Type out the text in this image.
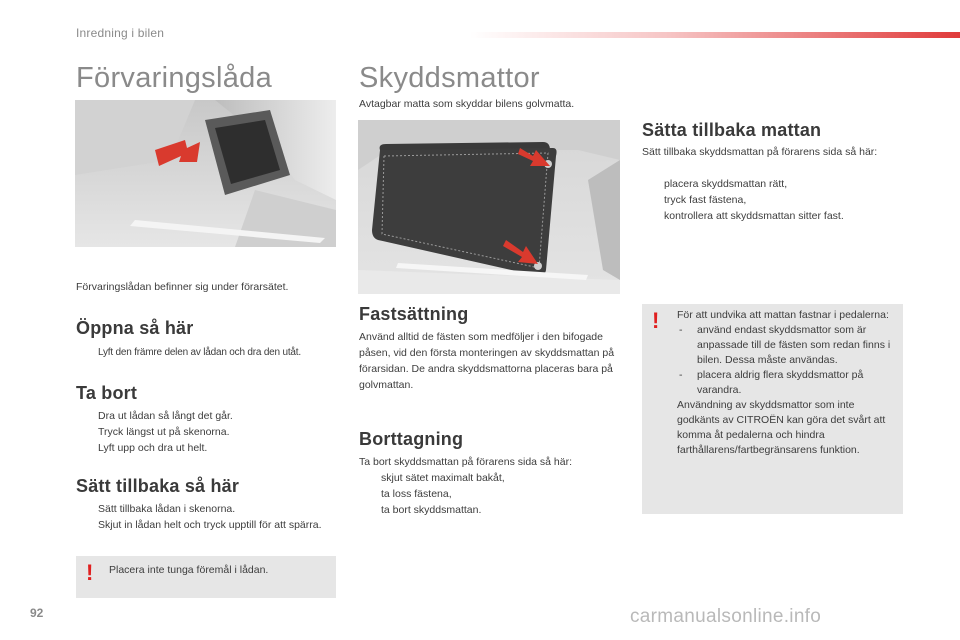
Inredning i bilen
Förvaringslåda
Förvaringslådan befinner sig under förarsätet.
Öppna så här
Lyft den främre delen av lådan och dra den utåt.
Ta bort
Dra ut lådan så långt det går.
Tryck längst ut på skenorna.
Lyft upp och dra ut helt.
Sätt tillbaka så här
Sätt tillbaka lådan i skenorna.
Skjut in lådan helt och tryck upptill för att spärra.
! Placera inte tunga föremål i lådan.
Skyddsmattor
Avtagbar matta som skyddar bilens golvmatta.
Fastsättning
Använd alltid de fästen som medföljer i den bifogade påsen, vid den första monteringen av skyddsmattan på förarsidan. De andra skyddsmattorna placeras bara på golvmattan.
Borttagning
Ta bort skyddsmattan på förarens sida så här:
skjut sätet maximalt bakåt,
ta loss fästena,
ta bort skyddsmattan.
Sätta tillbaka mattan
Sätt tillbaka skyddsmattan på förarens sida så här:
placera skyddsmattan rätt,
tryck fast fästena,
kontrollera att skyddsmattan sitter fast.
! För att undvika att mattan fastnar i pedalerna:
- använd endast skyddsmattor som är anpassade till de fästen som redan finns i bilen. Dessa måste användas.
- placera aldrig flera skyddsmattor på varandra.
Användning av skyddsmattor som inte godkänts av CITROËN kan göra det svårt att komma åt pedalerna och hindra farthållarens/fartbegränsarens funktion.
92	carmanualsonline.info
